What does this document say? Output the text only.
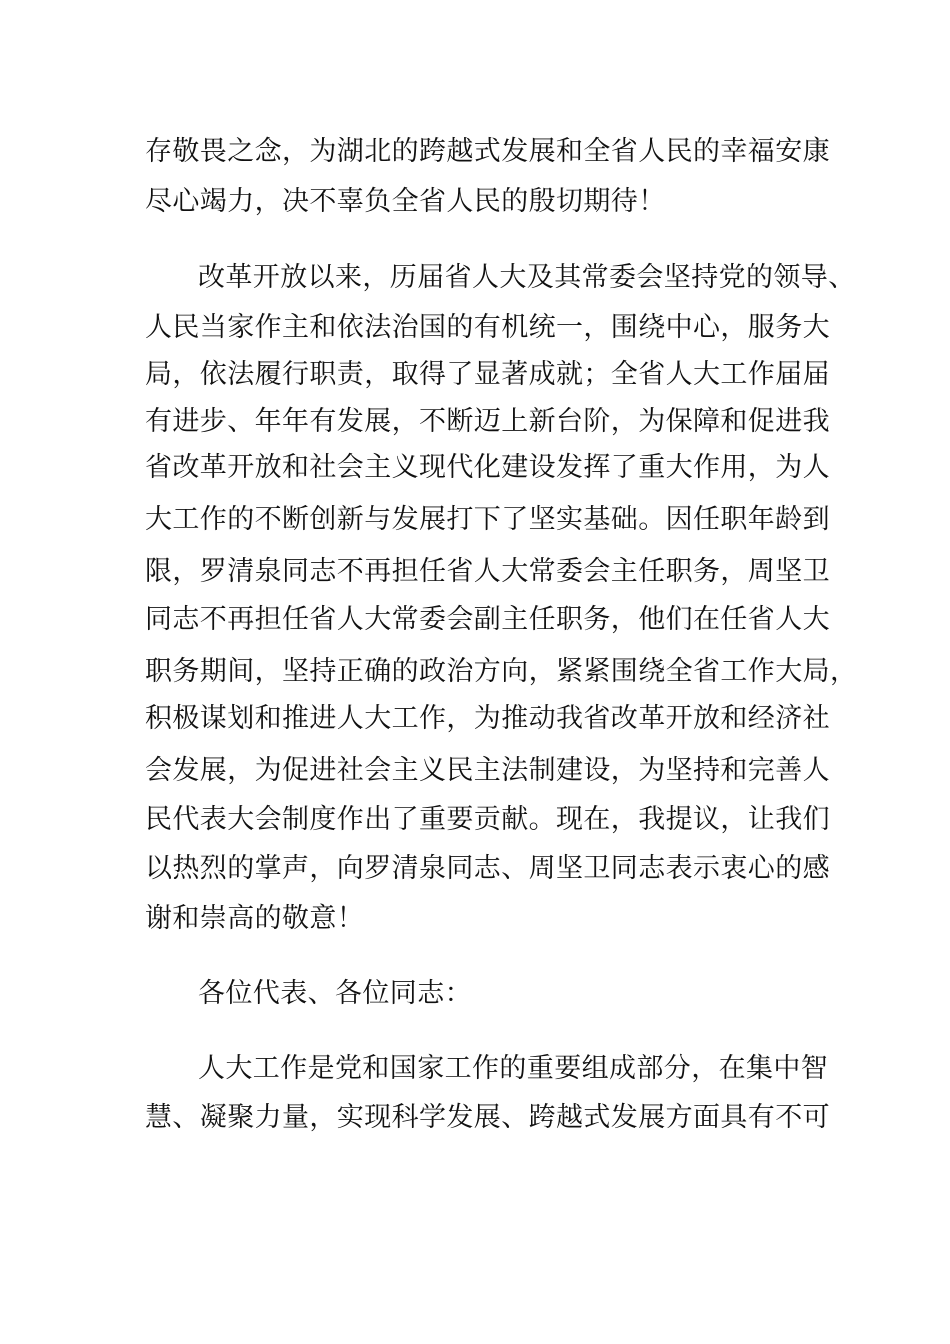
存敬畏之念，为湖北的跨越式发展和全省人民的幸福安康
尽心竭力，决不辜负全省人民的殷切期待！
改革开放以来，历届省人大及其常委会坚持党的领导、
人民当家作主和依法治国的有机统一，围绕中心，服务大
局，依法履行职责，取得了显著成就；全省人大工作届届
有进步、年年有发展，不断迈上新台阶，为保障和促进我
省改革开放和社会主义现代化建设发挥了重大作用，为人
大工作的不断创新与发展打下了坚实基础。因任职年龄到
限，罗清泉同志不再担任省人大常委会主任职务，周坚卫
同志不再担任省人大常委会副主任职务，他们在任省人大
职务期间，坚持正确的政治方向，紧紧围绕全省工作大局，
积极谋划和推进人大工作，为推动我省改革开放和经济社
会发展，为促进社会主义民主法制建设，为坚持和完善人
民代表大会制度作出了重要贡献。现在，我提议，让我们
以热烈的掌声，向罗清泉同志、周坚卫同志表示衷心的感
谢和崇高的敬意！
各位代表、各位同志：
人大工作是党和国家工作的重要组成部分，在集中智
慧、凝聚力量，实现科学发展、跨越式发展方面具有不可
